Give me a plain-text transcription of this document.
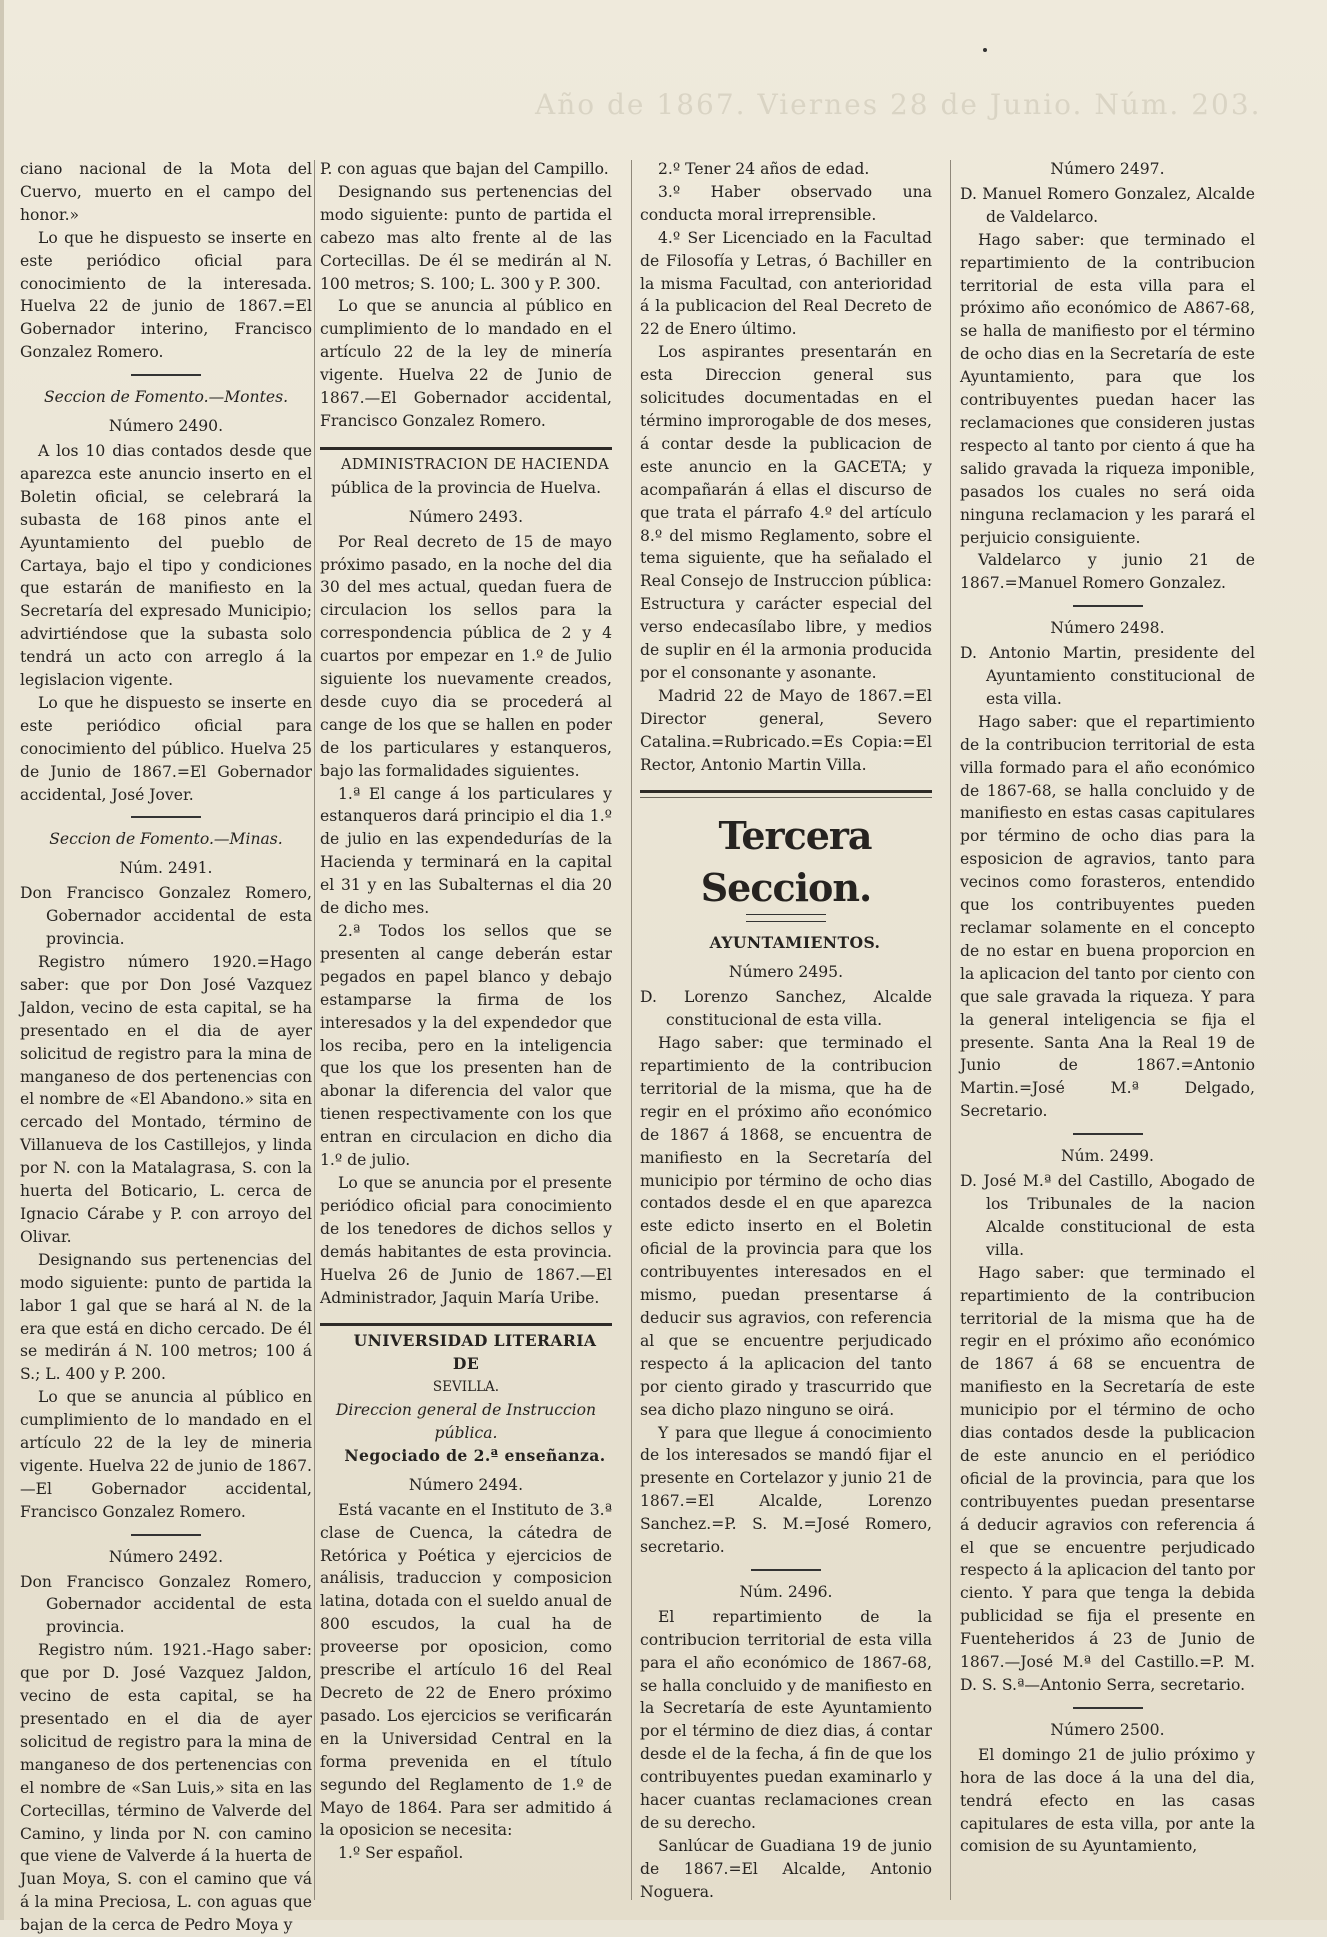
Año de 1867. Viernes 28 de Junio. Núm. 203.

ciano nacional de la Mota del Cuervo, muerto en el campo del honor.»

Lo que he dispuesto se inserte en este periódico oficial para conocimiento de la interesada. Huelva 22 de junio de 1867.=El Gobernador interino, Francisco Gonzalez Romero.

Seccion de Fomento.—Montes.

Número 2490.

A los 10 dias contados desde que aparezca este anuncio inserto en el Boletin oficial, se celebrará la subasta de 168 pinos ante el Ayuntamiento del pueblo de Cartaya, bajo el tipo y condiciones que estarán de manifiesto en la Secretaría del expresado Municipio; advirtiéndose que la subasta solo tendrá un acto con arreglo á la legislacion vigente.

Lo que he dispuesto se inserte en este periódico oficial para conocimiento del público. Huelva 25 de Junio de 1867.=El Gobernador accidental, José Jover.

Seccion de Fomento.—Minas.

Núm. 2491.

Don Francisco Gonzalez Romero, Gobernador accidental de esta provincia.

Registro número 1920.=Hago saber: que por Don José Vazquez Jaldon, vecino de esta capital, se ha presentado en el dia de ayer solicitud de registro para la mina de manganeso de dos pertenencias con el nombre de «El Abandono.» sita en cercado del Montado, término de Villanueva de los Castillejos, y linda por N. con la Matalagrasa, S. con la huerta del Boticario, L. cerca de Ignacio Cárabe y P. con arroyo del Olivar.

Designando sus pertenencias del modo siguiente: punto de partida la labor 1 gal que se hará al N. de la era que está en dicho cercado. De él se medirán á N. 100 metros; 100 á S.; L. 400 y P. 200.

Lo que se anuncia al público en cumplimiento de lo mandado en el artículo 22 de la ley de mineria vigente. Huelva 22 de junio de 1867.—El Gobernador accidental, Francisco Gonzalez Romero.

Número 2492.

Don Francisco Gonzalez Romero, Gobernador accidental de esta provincia.

Registro núm. 1921.-Hago saber: que por D. José Vazquez Jaldon, vecino de esta capital, se ha presentado en el dia de ayer solicitud de registro para la mina de manganeso de dos pertenencias con el nombre de «San Luis,» sita en las Cortecillas, término de Valverde del Camino, y linda por N. con camino que viene de Valverde á la huerta de Juan Moya, S. con el camino que vá á la mina Preciosa, L. con aguas que bajan de la cerca de Pedro Moya y

P. con aguas que bajan del Campillo.

Designando sus pertenencias del modo siguiente: punto de partida el cabezo mas alto frente al de las Cortecillas. De él se medirán al N. 100 metros; S. 100; L. 300 y P. 300.

Lo que se anuncia al público en cumplimiento de lo mandado en el artículo 22 de la ley de minería vigente. Huelva 22 de Junio de 1867.—El Gobernador accidental, Francisco Gonzalez Romero.

ADMINISTRACION DE HACIENDA

pública de la provincia de Huelva.

Número 2493.

Por Real decreto de 15 de mayo próximo pasado, en la noche del dia 30 del mes actual, quedan fuera de circulacion los sellos para la correspondencia pública de 2 y 4 cuartos por empezar en 1.º de Julio siguiente los nuevamente creados, desde cuyo dia se procederá al cange de los que se hallen en poder de los particulares y estanqueros, bajo las formalidades siguientes.

1.ª El cange á los particulares y estanqueros dará principio el dia 1.º de julio en las expendedurías de la Hacienda y terminará en la capital el 31 y en las Subalternas el dia 20 de dicho mes.

2.ª Todos los sellos que se presenten al cange deberán estar pegados en papel blanco y debajo estamparse la firma de los interesados y la del expendedor que los reciba, pero en la inteligencia que los que los presenten han de abonar la diferencia del valor que tienen respectivamente con los que entran en circulacion en dicho dia 1.º de julio.

Lo que se anuncia por el presente periódico oficial para conocimiento de los tenedores de dichos sellos y demás habitantes de esta provincia. Huelva 26 de Junio de 1867.—El Administrador, Jaquin María Uribe.

UNIVERSIDAD LITERARIA DE

SEVILLA.

Direccion general de Instruccion pública.

Negociado de 2.ª enseñanza.

Número 2494.

Está vacante en el Instituto de 3.ª clase de Cuenca, la cátedra de Retórica y Poética y ejercicios de análisis, traduccion y composicion latina, dotada con el sueldo anual de 800 escudos, la cual ha de proveerse por oposicion, como prescribe el artículo 16 del Real Decreto de 22 de Enero próximo pasado. Los ejercicios se verificarán en la Universidad Central en la forma prevenida en el título segundo del Reglamento de 1.º de Mayo de 1864. Para ser admitido á la oposicion se necesita:

1.º Ser español.

2.º Tener 24 años de edad.

3.º Haber observado una conducta moral irreprensible.

4.º Ser Licenciado en la Facultad de Filosofía y Letras, ó Bachiller en la misma Facultad, con anterioridad á la publicacion del Real Decreto de 22 de Enero último.

Los aspirantes presentarán en esta Direccion general sus solicitudes documentadas en el término improrogable de dos meses, á contar desde la publicacion de este anuncio en la GACETA; y acompañarán á ellas el discurso de que trata el párrafo 4.º del artículo 8.º del mismo Reglamento, sobre el tema siguiente, que ha señalado el Real Consejo de Instruccion pública: Estructura y carácter especial del verso endecasílabo libre, y medios de suplir en él la armonia producida por el consonante y asonante.

Madrid 22 de Mayo de 1867.=El Director general, Severo Catalina.=Rubricado.=Es Copia:=El Rector, Antonio Martin Villa.

Tercera Seccion.

AYUNTAMIENTOS.

Número 2495.

D. Lorenzo Sanchez, Alcalde constitucional de esta villa.

Hago saber: que terminado el repartimiento de la contribucion territorial de la misma, que ha de regir en el próximo año económico de 1867 á 1868, se encuentra de manifiesto en la Secretaría del municipio por término de ocho dias contados desde el en que aparezca este edicto inserto en el Boletin oficial de la provincia para que los contribuyentes interesados en el mismo, puedan presentarse á deducir sus agravios, con referencia al que se encuentre perjudicado respecto á la aplicacion del tanto por ciento girado y trascurrido que sea dicho plazo ninguno se oirá.

Y para que llegue á conocimiento de los interesados se mandó fijar el presente en Cortelazor y junio 21 de 1867.=El Alcalde, Lorenzo Sanchez.=P. S. M.=José Romero, secretario.

Núm. 2496.

El repartimiento de la contribucion territorial de esta villa para el año económico de 1867-68, se halla concluido y de manifiesto en la Secretaría de este Ayuntamiento por el término de diez dias, á contar desde el de la fecha, á fin de que los contribuyentes puedan examinarlo y hacer cuantas reclamaciones crean de su derecho.

Sanlúcar de Guadiana 19 de junio de 1867.=El Alcalde, Antonio Noguera.

Número 2497.

D. Manuel Romero Gonzalez, Alcalde de Valdelarco.

Hago saber: que terminado el repartimiento de la contribucion territorial de esta villa para el próximo año económico de A867-68, se halla de manifiesto por el término de ocho dias en la Secretaría de este Ayuntamiento, para que los contribuyentes puedan hacer las reclamaciones que consideren justas respecto al tanto por ciento á que ha salido gravada la riqueza imponible, pasados los cuales no será oida ninguna reclamacion y les parará el perjuicio consiguiente.

Valdelarco y junio 21 de 1867.=Manuel Romero Gonzalez.

Número 2498.

D. Antonio Martin, presidente del Ayuntamiento constitucional de esta villa.

Hago saber: que el repartimiento de la contribucion territorial de esta villa formado para el año económico de 1867-68, se halla concluido y de manifiesto en estas casas capitulares por término de ocho dias para la esposicion de agravios, tanto para vecinos como forasteros, entendido que los contribuyentes pueden reclamar solamente en el concepto de no estar en buena proporcion en la aplicacion del tanto por ciento con que sale gravada la riqueza. Y para la general inteligencia se fija el presente. Santa Ana la Real 19 de Junio de 1867.=Antonio Martin.=José M.ª Delgado, Secretario.

Núm. 2499.

D. José M.ª del Castillo, Abogado de los Tribunales de la nacion Alcalde constitucional de esta villa.

Hago saber: que terminado el repartimiento de la contribucion territorial de la misma que ha de regir en el próximo año económico de 1867 á 68 se encuentra de manifiesto en la Secretaría de este municipio por el término de ocho dias contados desde la publicacion de este anuncio en el periódico oficial de la provincia, para que los contribuyentes puedan presentarse á deducir agravios con referencia á el que se encuentre perjudicado respecto á la aplicacion del tanto por ciento. Y para que tenga la debida publicidad se fija el presente en Fuenteheridos á 23 de Junio de 1867.—José M.ª del Castillo.=P. M. D. S. S.ª—Antonio Serra, secretario.

Número 2500.

El domingo 21 de julio próximo y hora de las doce á la una del dia, tendrá efecto en las casas capitulares de esta villa, por ante la comision de su Ayuntamiento,
